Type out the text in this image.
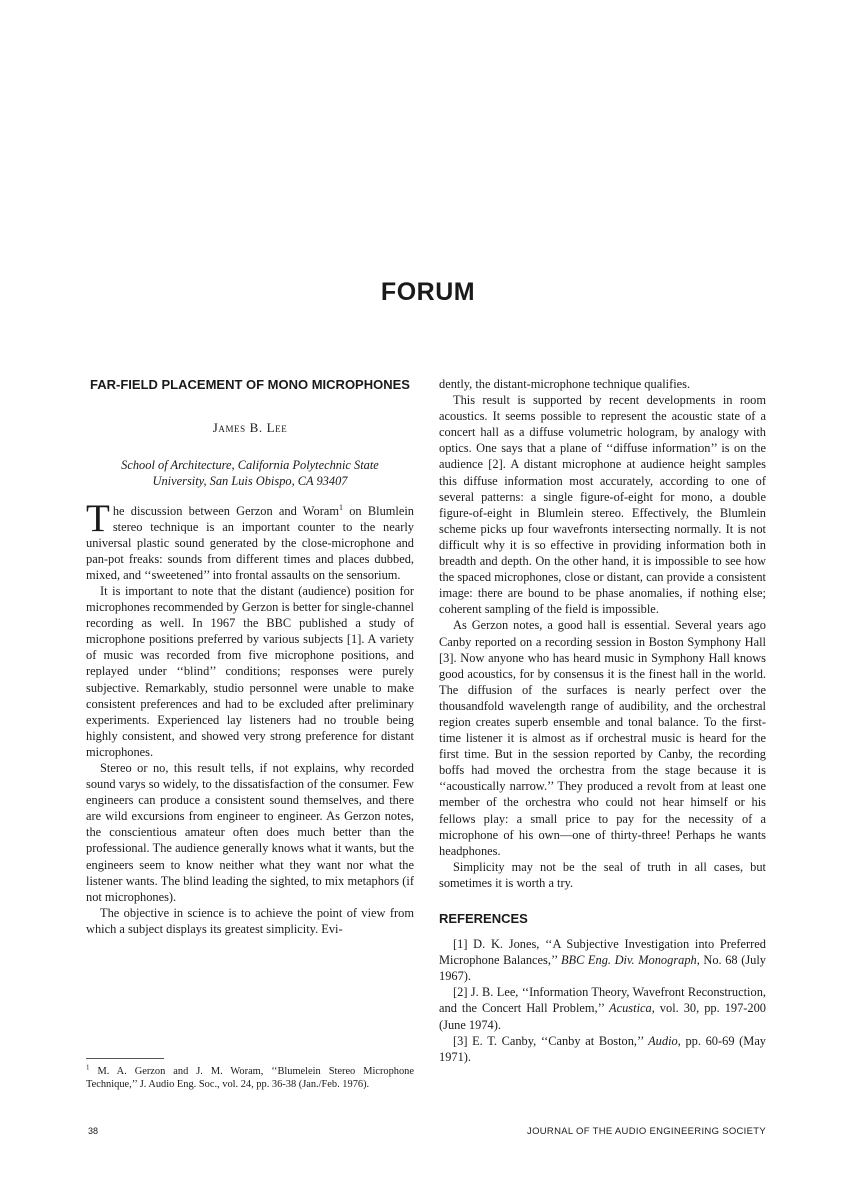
FORUM
FAR-FIELD PLACEMENT OF MONO MICROPHONES
James B. Lee
School of Architecture, California Polytechnic State University, San Luis Obispo, CA 93407

The discussion between Gerzon and Woram$^1$ on Blumlein stereo technique is an important counter to the nearly universal plastic sound generated by the close-microphone and pan-pot freaks: sounds from different times and places dubbed, mixed, and ‘‘sweetened’’ into frontal assaults on the sensorium.

It is important to note that the distant (audience) position for microphones recommended by Gerzon is better for single-channel recording as well. In 1967 the BBC published a study of microphone positions preferred by various subjects [1]. A variety of music was recorded from five microphone positions, and replayed under ‘‘blind’’ conditions; responses were purely subjective. Remarkably, studio personnel were unable to make consistent preferences and had to be excluded after preliminary experiments. Experienced lay listeners had no trouble being highly consistent, and showed very strong preference for distant microphones.

Stereo or no, this result tells, if not explains, why recorded sound varys so widely, to the dissatisfaction of the consumer. Few engineers can produce a consistent sound themselves, and there are wild excursions from engineer to engineer. As Gerzon notes, the conscientious amateur often does much better than the professional. The audience generally knows what it wants, but the engineers seem to know neither what they want nor what the listener wants. The blind leading the sighted, to mix metaphors (if not microphones).

The objective in science is to achieve the point of view from which a subject displays its greatest simplicity. Evi-

$^1$ M. A. Gerzon and J. M. Woram, ‘‘Blumelein Stereo Microphone Technique,’’ J. Audio Eng. Soc., vol. 24, pp. 36-38 (Jan./Feb. 1976).

dently, the distant-microphone technique qualifies.

This result is supported by recent developments in room acoustics. It seems possible to represent the acoustic state of a concert hall as a diffuse volumetric hologram, by analogy with optics. One says that a plane of ‘‘diffuse information’’ is on the audience [2]. A distant microphone at audience height samples this diffuse information most accurately, according to one of several patterns: a single figure-of-eight for mono, a double figure-of-eight in Blumlein stereo. Effectively, the Blumlein scheme picks up four wavefronts intersecting normally. It is not difficult why it is so effective in providing information both in breadth and depth. On the other hand, it is impossible to see how the spaced microphones, close or distant, can provide a consistent image: there are bound to be phase anomalies, if nothing else; coherent sampling of the field is impossible.

As Gerzon notes, a good hall is essential. Several years ago Canby reported on a recording session in Boston Symphony Hall [3]. Now anyone who has heard music in Symphony Hall knows good acoustics, for by consensus it is the finest hall in the world. The diffusion of the surfaces is nearly perfect over the thousandfold wavelength range of audibility, and the orchestral region creates superb ensemble and tonal balance. To the first-time listener it is almost as if orchestral music is heard for the first time. But in the session reported by Canby, the recording boffs had moved the orchestra from the stage because it is ‘‘acoustically narrow.’’ They produced a revolt from at least one member of the orchestra who could not hear himself or his fellows play: a small price to pay for the necessity of a microphone of his own—one of thirty-three! Perhaps he wants headphones.

Simplicity may not be the seal of truth in all cases, but sometimes it is worth a try.

REFERENCES

[1] D. K. Jones, ‘‘A Subjective Investigation into Preferred Microphone Balances,’’ BBC Eng. Div. Monograph, No. 68 (July 1967).

[2] J. B. Lee, ‘‘Information Theory, Wavefront Reconstruction, and the Concert Hall Problem,’’ Acustica, vol. 30, pp. 197-200 (June 1974).

[3] E. T. Canby, ‘‘Canby at Boston,’’ Audio, pp. 60-69 (May 1971).

38	JOURNAL OF THE AUDIO ENGINEERING SOCIETY
